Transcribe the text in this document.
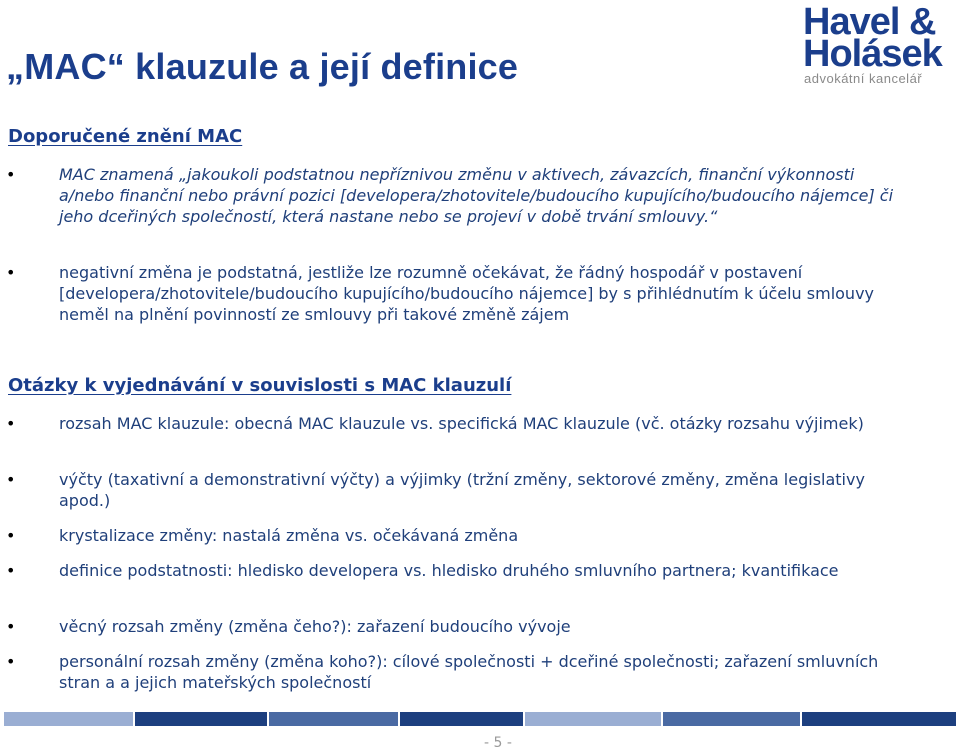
„MAC“ klauzule a její definice
Havel &
Holásek
advokátní kancelář
Doporučené znění MAC
•	MAC znamená „jakoukoli podstatnou nepříznivou změnu v aktivech, závazcích, finanční výkonnosti a/nebo finanční nebo právní pozici [developera/zhotovitele/budoucího kupujícího/budoucího nájemce] či jeho dceřiných společností, která nastane nebo se projeví v době trvání smlouvy.“
•	negativní změna je podstatná, jestliže lze rozumně očekávat, že řádný hospodář v postavení [developera/zhotovitele/budoucího kupujícího/budoucího nájemce] by s přihlédnutím k účelu smlouvy neměl na plnění povinností ze smlouvy při takové změně zájem
Otázky k vyjednávání v souvislosti s MAC klauzulí
•	rozsah MAC klauzule: obecná MAC klauzule vs. specifická MAC klauzule (vč. otázky rozsahu výjimek)
•	výčty (taxativní a demonstrativní výčty) a výjimky (tržní změny, sektorové změny, změna legislativy apod.)
•	krystalizace změny: nastalá změna vs. očekávaná změna
•	definice podstatnosti: hledisko developera vs. hledisko druhého smluvního partnera; kvantifikace
•	věcný rozsah změny (změna čeho?): zařazení budoucího vývoje
•	personální rozsah změny (změna koho?): cílové společnosti + dceřiné společnosti; zařazení smluvních stran a a jejich mateřských společností
- 5 -
